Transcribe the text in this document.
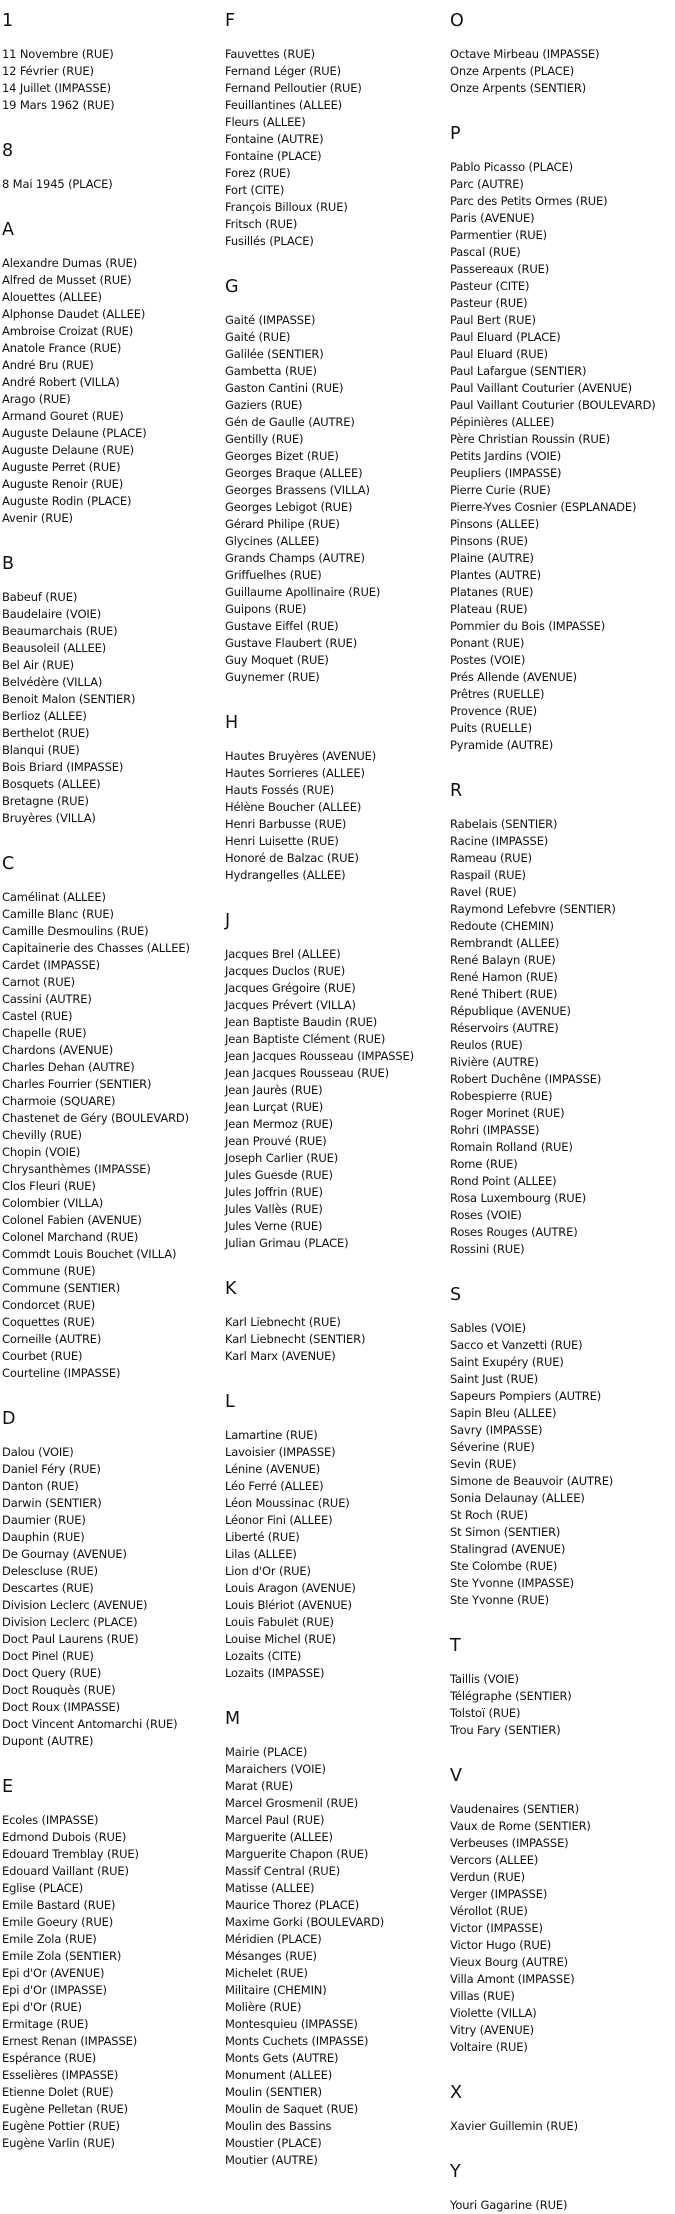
1
11 Novembre (RUE)
12 Février (RUE)
14 Juillet (IMPASSE)
19 Mars 1962 (RUE)
8
8 Mai 1945 (PLACE)
A
Alexandre Dumas (RUE)
Alfred de Musset (RUE)
Alouettes (ALLEE)
Alphonse Daudet (ALLEE)
Ambroise Croizat (RUE)
Anatole France (RUE)
André Bru (RUE)
André Robert (VILLA)
Arago (RUE)
Armand Gouret (RUE)
Auguste Delaune (PLACE)
Auguste Delaune (RUE)
Auguste Perret (RUE)
Auguste Renoir (RUE)
Auguste Rodin (PLACE)
Avenir (RUE)
B
Babeuf (RUE)
Baudelaire (VOIE)
Beaumarchais (RUE)
Beausoleil (ALLEE)
Bel Air (RUE)
Belvédère (VILLA)
Benoit Malon (SENTIER)
Berlioz (ALLEE)
Berthelot (RUE)
Blanqui (RUE)
Bois Briard (IMPASSE)
Bosquets (ALLEE)
Bretagne (RUE)
Bruyères (VILLA)
C
Camélinat (ALLEE)
Camille Blanc (RUE)
Camille Desmoulins (RUE)
Capitainerie des Chasses (ALLEE)
Cardet (IMPASSE)
Carnot (RUE)
Cassini (AUTRE)
Castel (RUE)
Chapelle (RUE)
Chardons (AVENUE)
Charles Dehan (AUTRE)
Charles Fourrier (SENTIER)
Charmoie (SQUARE)
Chastenet de Géry (BOULEVARD)
Chevilly (RUE)
Chopin (VOIE)
Chrysanthèmes (IMPASSE)
Clos Fleuri (RUE)
Colombier (VILLA)
Colonel Fabien (AVENUE)
Colonel Marchand (RUE)
Commdt Louis Bouchet (VILLA)
Commune (RUE)
Commune (SENTIER)
Condorcet (RUE)
Coquettes (RUE)
Corneille (AUTRE)
Courbet (RUE)
Courteline (IMPASSE)
D
Dalou (VOIE)
Daniel Féry (RUE)
Danton (RUE)
Darwin (SENTIER)
Daumier (RUE)
Dauphin (RUE)
De Gournay (AVENUE)
Delescluse (RUE)
Descartes (RUE)
Division Leclerc (AVENUE)
Division Leclerc (PLACE)
Doct Paul Laurens (RUE)
Doct Pinel (RUE)
Doct Query (RUE)
Doct Rouquès (RUE)
Doct Roux (IMPASSE)
Doct Vincent Antomarchi (RUE)
Dupont (AUTRE)
E
Ecoles (IMPASSE)
Edmond Dubois (RUE)
Edouard Tremblay (RUE)
Edouard Vaillant (RUE)
Eglise (PLACE)
Emile Bastard (RUE)
Emile Goeury (RUE)
Emile Zola (RUE)
Emile Zola (SENTIER)
Epi d'Or (AVENUE)
Epi d'Or (IMPASSE)
Epi d'Or (RUE)
Ermitage (RUE)
Ernest Renan (IMPASSE)
Espérance (RUE)
Esselières (IMPASSE)
Etienne Dolet (RUE)
Eugène Pelletan (RUE)
Eugène Pottier (RUE)
Eugène Varlin (RUE)
F
Fauvettes (RUE)
Fernand Léger (RUE)
Fernand Pelloutier (RUE)
Feuillantines (ALLEE)
Fleurs (ALLEE)
Fontaine (AUTRE)
Fontaine (PLACE)
Forez (RUE)
Fort (CITE)
François Billoux (RUE)
Fritsch (RUE)
Fusillés (PLACE)
G
Gaité (IMPASSE)
Gaité (RUE)
Galilée (SENTIER)
Gambetta (RUE)
Gaston Cantini (RUE)
Gaziers (RUE)
Gén de Gaulle (AUTRE)
Gentilly (RUE)
Georges Bizet (RUE)
Georges Braque (ALLEE)
Georges Brassens (VILLA)
Georges Lebigot (RUE)
Gérard Philipe (RUE)
Glycines (ALLEE)
Grands Champs (AUTRE)
Griffuelhes (RUE)
Guillaume Apollinaire (RUE)
Guipons (RUE)
Gustave Eiffel (RUE)
Gustave Flaubert (RUE)
Guy Moquet (RUE)
Guynemer (RUE)
H
Hautes Bruyères (AVENUE)
Hautes Sorrieres (ALLEE)
Hauts Fossés (RUE)
Hélène Boucher (ALLEE)
Henri Barbusse (RUE)
Henri Luisette (RUE)
Honoré de Balzac (RUE)
Hydrangelles (ALLEE)
J
Jacques Brel (ALLEE)
Jacques Duclos (RUE)
Jacques Grégoire (RUE)
Jacques Prévert (VILLA)
Jean Baptiste Baudin (RUE)
Jean Baptiste Clément (RUE)
Jean Jacques Rousseau (IMPASSE)
Jean Jacques Rousseau (RUE)
Jean Jaurès (RUE)
Jean Lurçat (RUE)
Jean Mermoz (RUE)
Jean Prouvé (RUE)
Joseph Carlier (RUE)
Jules Guesde (RUE)
Jules Joffrin (RUE)
Jules Vallès (RUE)
Jules Verne (RUE)
Julian Grimau (PLACE)
K
Karl Liebnecht (RUE)
Karl Liebnecht (SENTIER)
Karl Marx (AVENUE)
L
Lamartine (RUE)
Lavoisier (IMPASSE)
Lénine (AVENUE)
Léo Ferré (ALLEE)
Léon Moussinac (RUE)
Léonor Fini (ALLEE)
Liberté (RUE)
Lilas (ALLEE)
Lion d'Or (RUE)
Louis Aragon (AVENUE)
Louis Blériot (AVENUE)
Louis Fabulet (RUE)
Louise Michel (RUE)
Lozaits (CITE)
Lozaits (IMPASSE)
M
Mairie (PLACE)
Maraichers (VOIE)
Marat (RUE)
Marcel Grosmenil (RUE)
Marcel Paul (RUE)
Marguerite (ALLEE)
Marguerite Chapon (RUE)
Massif Central (RUE)
Matisse (ALLEE)
Maurice Thorez (PLACE)
Maxime Gorki (BOULEVARD)
Méridien (PLACE)
Mésanges (RUE)
Michelet (RUE)
Militaire (CHEMIN)
Molière (RUE)
Montesquieu (IMPASSE)
Monts Cuchets (IMPASSE)
Monts Gets (AUTRE)
Monument (ALLEE)
Moulin (SENTIER)
Moulin de Saquet (RUE)
Moulin des Bassins
Moustier (PLACE)
Moutier (AUTRE)
O
Octave Mirbeau (IMPASSE)
Onze Arpents (PLACE)
Onze Arpents (SENTIER)
P
Pablo Picasso (PLACE)
Parc (AUTRE)
Parc des Petits Ormes (RUE)
Paris (AVENUE)
Parmentier (RUE)
Pascal (RUE)
Passereaux (RUE)
Pasteur (CITE)
Pasteur (RUE)
Paul Bert (RUE)
Paul Eluard (PLACE)
Paul Eluard (RUE)
Paul Lafargue (SENTIER)
Paul Vaillant Couturier (AVENUE)
Paul Vaillant Couturier (BOULEVARD)
Pépinières (ALLEE)
Père Christian Roussin (RUE)
Petits Jardins (VOIE)
Peupliers (IMPASSE)
Pierre Curie (RUE)
Pierre-Yves Cosnier (ESPLANADE)
Pinsons (ALLEE)
Pinsons (RUE)
Plaine (AUTRE)
Plantes (AUTRE)
Platanes (RUE)
Plateau (RUE)
Pommier du Bois (IMPASSE)
Ponant (RUE)
Postes (VOIE)
Prés Allende (AVENUE)
Prêtres (RUELLE)
Provence (RUE)
Puits (RUELLE)
Pyramide (AUTRE)
R
Rabelais (SENTIER)
Racine (IMPASSE)
Rameau (RUE)
Raspail (RUE)
Ravel (RUE)
Raymond Lefebvre (SENTIER)
Redoute (CHEMIN)
Rembrandt (ALLEE)
René Balayn (RUE)
René Hamon (RUE)
René Thibert (RUE)
République (AVENUE)
Réservoirs (AUTRE)
Reulos (RUE)
Rivière (AUTRE)
Robert Duchêne (IMPASSE)
Robespierre (RUE)
Roger Morinet (RUE)
Rohri (IMPASSE)
Romain Rolland (RUE)
Rome (RUE)
Rond Point (ALLEE)
Rosa Luxembourg (RUE)
Roses (VOIE)
Roses Rouges (AUTRE)
Rossini (RUE)
S
Sables (VOIE)
Sacco et Vanzetti (RUE)
Saint Exupéry (RUE)
Saint Just (RUE)
Sapeurs Pompiers (AUTRE)
Sapin Bleu (ALLEE)
Savry (IMPASSE)
Séverine (RUE)
Sevin (RUE)
Simone de Beauvoir (AUTRE)
Sonia Delaunay (ALLEE)
St Roch (RUE)
St Simon (SENTIER)
Stalingrad (AVENUE)
Ste Colombe (RUE)
Ste Yvonne (IMPASSE)
Ste Yvonne (RUE)
T
Taillis (VOIE)
Télégraphe (SENTIER)
Tolstoï (RUE)
Trou Fary (SENTIER)
V
Vaudenaires (SENTIER)
Vaux de Rome (SENTIER)
Verbeuses (IMPASSE)
Vercors (ALLEE)
Verdun (RUE)
Verger (IMPASSE)
Vérollot (RUE)
Victor (IMPASSE)
Victor Hugo (RUE)
Vieux Bourg (AUTRE)
Villa Amont (IMPASSE)
Villas (RUE)
Violette (VILLA)
Vitry (AVENUE)
Voltaire (RUE)
X
Xavier Guillemin (RUE)
Y
Youri Gagarine (RUE)
